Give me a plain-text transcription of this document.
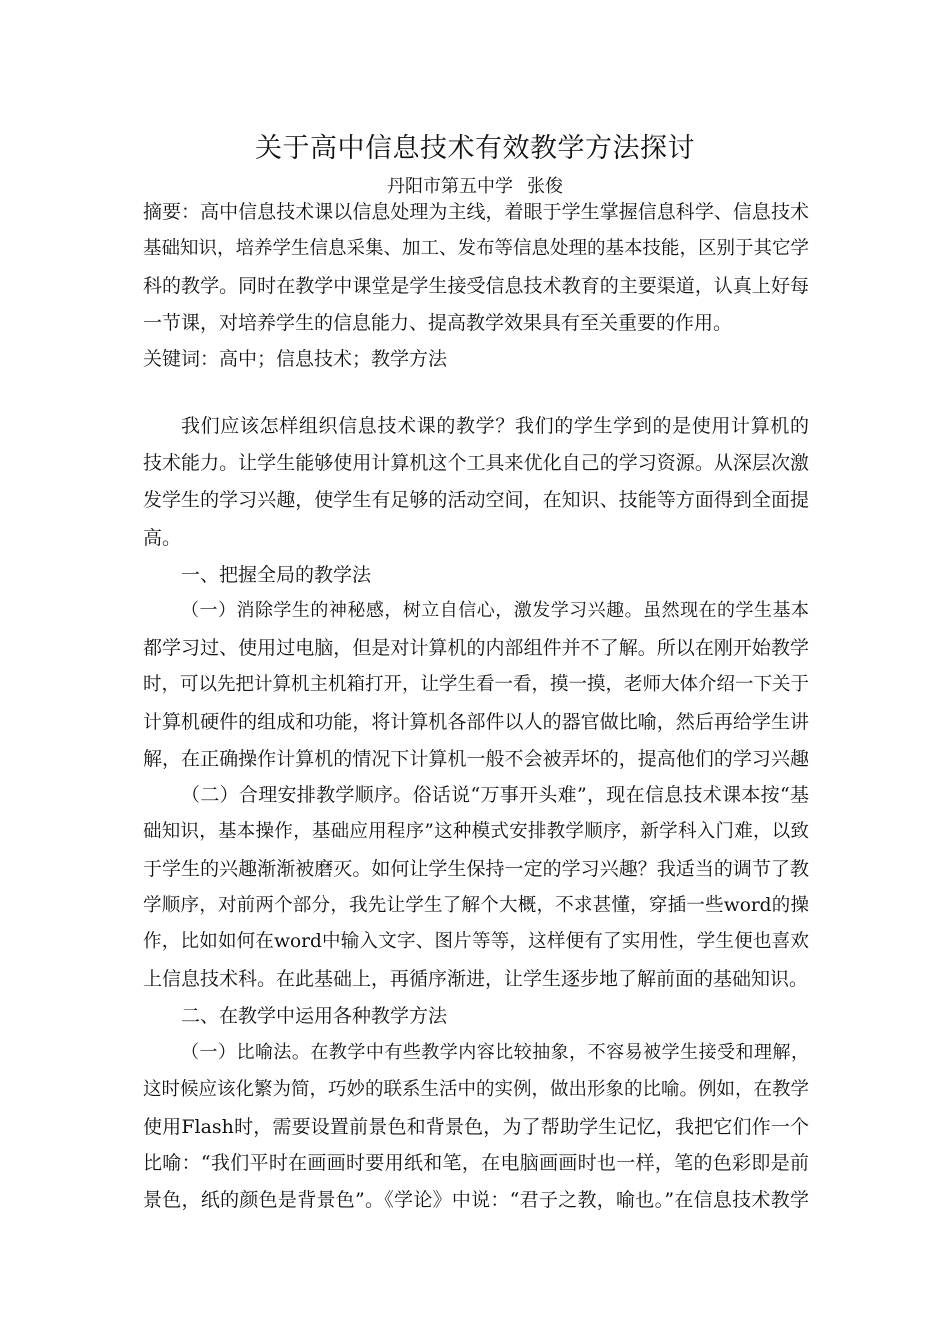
关于高中信息技术有效教学方法探讨
丹阳市第五中学 张俊
摘要：高中信息技术课以信息处理为主线，着眼于学生掌握信息科学、信息技术
基础知识，培养学生信息采集、加工、发布等信息处理的基本技能，区别于其它学
科的教学。同时在教学中课堂是学生接受信息技术教育的主要渠道，认真上好每
一节课，对培养学生的信息能力、提高教学效果具有至关重要的作用。
关键词：高中；信息技术；教学方法
我们应该怎样组织信息技术课的教学？我们的学生学到的是使用计算机的
技术能力。让学生能够使用计算机这个工具来优化自己的学习资源。从深层次激
发学生的学习兴趣，使学生有足够的活动空间，在知识、技能等方面得到全面提
高。
一、把握全局的教学法
（一）消除学生的神秘感，树立自信心，激发学习兴趣。虽然现在的学生基本
都学习过、使用过电脑，但是对计算机的内部组件并不了解。所以在刚开始教学
时，可以先把计算机主机箱打开，让学生看一看，摸一摸，老师大体介绍一下关于
计算机硬件的组成和功能，将计算机各部件以人的器官做比喻，然后再给学生讲
解，在正确操作计算机的情况下计算机一般不会被弄坏的，提高他们的学习兴趣
（二）合理安排教学顺序。俗话说“万事开头难”，现在信息技术课本按“基
础知识，基本操作，基础应用程序”这种模式安排教学顺序，新学科入门难，以致
于学生的兴趣渐渐被磨灭。如何让学生保持一定的学习兴趣？我适当的调节了教
学顺序，对前两个部分，我先让学生了解个大概，不求甚懂，穿插一些word的操
作，比如如何在word中输入文字、图片等等，这样便有了实用性，学生便也喜欢
上信息技术科。在此基础上，再循序渐进，让学生逐步地了解前面的基础知识。
二、在教学中运用各种教学方法
（一）比喻法。在教学中有些教学内容比较抽象，不容易被学生接受和理解，
这时候应该化繁为简，巧妙的联系生活中的实例，做出形象的比喻。例如，在教学
使用Flash时，需要设置前景色和背景色，为了帮助学生记忆，我把它们作一个
比喻：“我们平时在画画时要用纸和笔，在电脑画画时也一样，笔的色彩即是前
景色，纸的颜色是背景色”。《学论》中说：“君子之教，喻也。”在信息技术教学
